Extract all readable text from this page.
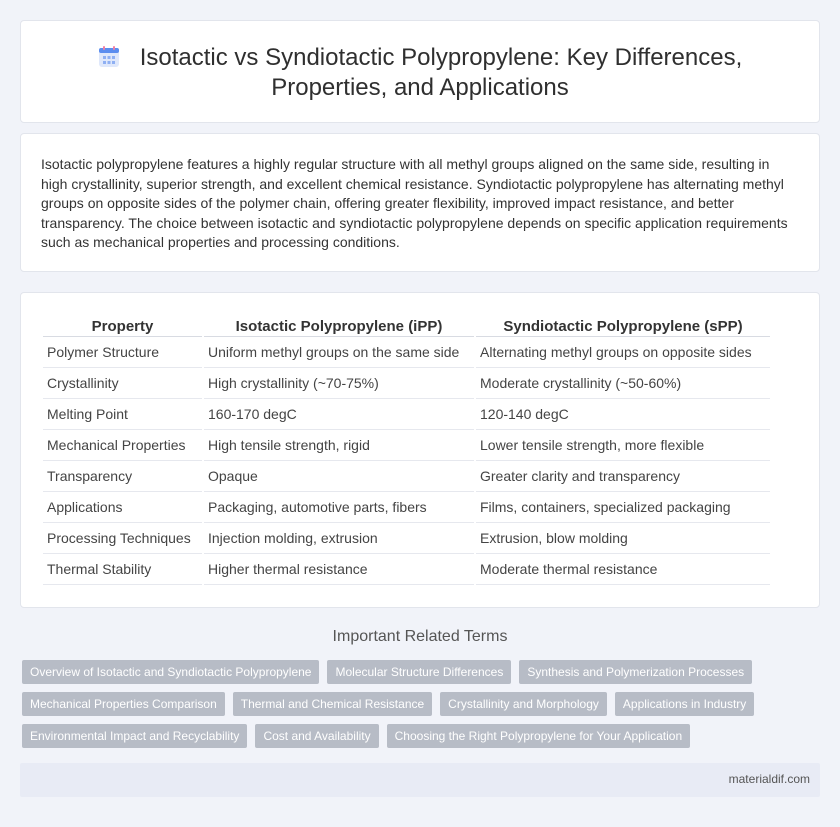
Isotactic vs Syndiotactic Polypropylene: Key Differences,
Properties, and Applications

Isotactic polypropylene features a highly regular structure with all methyl groups aligned on the same side, resulting in high crystallinity, superior strength, and excellent chemical resistance. Syndiotactic polypropylene has alternating methyl groups on opposite sides of the polymer chain, offering greater flexibility, improved impact resistance, and better transparency. The choice between isotactic and syndiotactic polypropylene depends on specific application requirements such as mechanical properties and processing conditions.

Property	Isotactic Polypropylene (iPP)	Syndiotactic Polypropylene (sPP)
Polymer Structure	Uniform methyl groups on the same side	Alternating methyl groups on opposite sides
Crystallinity	High crystallinity (~70-75%)	Moderate crystallinity (~50-60%)
Melting Point	160-170 degC	120-140 degC
Mechanical Properties	High tensile strength, rigid	Lower tensile strength, more flexible
Transparency	Opaque	Greater clarity and transparency
Applications	Packaging, automotive parts, fibers	Films, containers, specialized packaging
Processing Techniques	Injection molding, extrusion	Extrusion, blow molding
Thermal Stability	Higher thermal resistance	Moderate thermal resistance
Important Related Terms
Overview of Isotactic and Syndiotactic Polypropylene	Molecular Structure Differences	Synthesis and Polymerization Processes
Mechanical Properties Comparison	Thermal and Chemical Resistance	Crystallinity and Morphology	Applications in Industry
Environmental Impact and Recyclability	Cost and Availability	Choosing the Right Polypropylene for Your Application
materialdif.com
